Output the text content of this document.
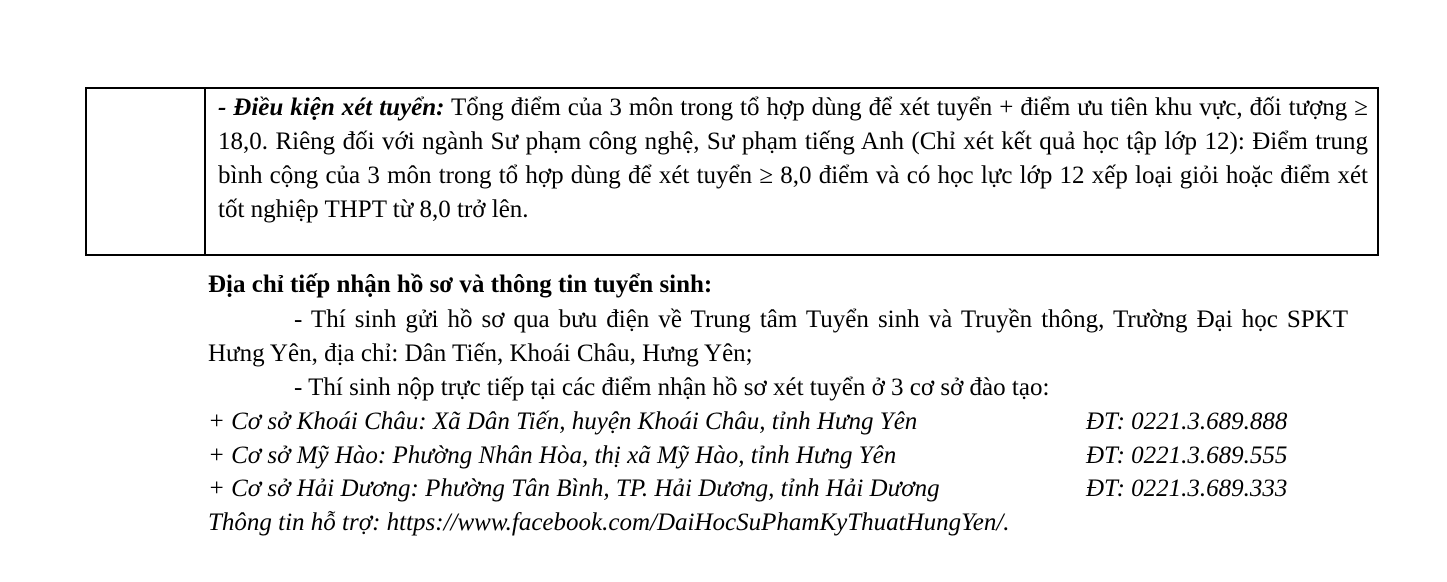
- Điều kiện xét tuyển: Tổng điểm của 3 môn trong tổ hợp dùng để xét tuyển + điểm ưu tiên khu vực, đối tượng ≥ 18,0. Riêng đối với ngành Sư phạm công nghệ, Sư phạm tiếng Anh (Chỉ xét kết quả học tập lớp 12): Điểm trung bình cộng của 3 môn trong tổ hợp dùng để xét tuyển ≥ 8,0 điểm và có học lực lớp 12 xếp loại giỏi hoặc điểm xét tốt nghiệp THPT từ 8,0 trở lên.
Địa chỉ tiếp nhận hồ sơ và thông tin tuyển sinh:
- Thí sinh gửi hồ sơ qua bưu điện về Trung tâm Tuyển sinh và Truyền thông, Trường Đại học SPKT Hưng Yên, địa chỉ: Dân Tiến, Khoái Châu, Hưng Yên;
- Thí sinh nộp trực tiếp tại các điểm nhận hồ sơ xét tuyển ở 3 cơ sở đào tạo:
+ Cơ sở Khoái Châu: Xã Dân Tiến, huyện Khoái Châu, tỉnh Hưng Yên	ĐT: 0221.3.689.888
+ Cơ sở Mỹ Hào: Phường Nhân Hòa, thị xã Mỹ Hào, tỉnh Hưng Yên	ĐT: 0221.3.689.555
+ Cơ sở Hải Dương: Phường Tân Bình, TP. Hải Dương, tỉnh Hải Dương	ĐT: 0221.3.689.333
Thông tin hỗ trợ: https://www.facebook.com/DaiHocSuPhamKyThuatHungYen/.
